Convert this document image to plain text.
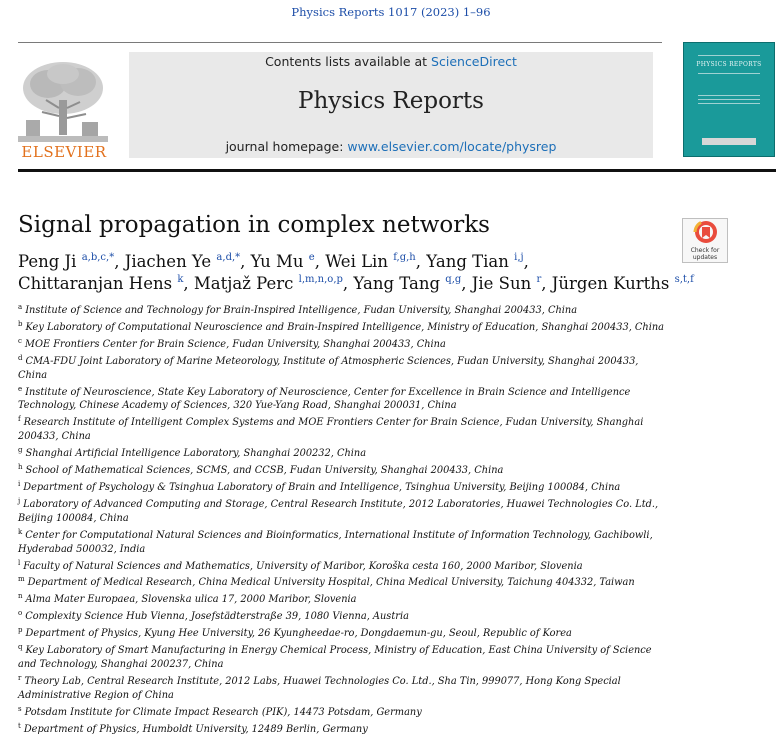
Physics Reports 1017 (2023) 1–96
ELSEVIER
Contents lists available at ScienceDirect
Physics Reports
journal homepage: www.elsevier.com/locate/physrep
PHYSICS REPORTS
Signal propagation in complex networks
Check for
updates
Peng Ji $^{a,b,c,*}$, Jiachen Ye $^{a,d,*}$, Yu Mu $^e$, Wei Lin $^{f,g,h}$, Yang Tian $^{i,j}$,
Chittaranjan Hens $^k$, Matjaž Perc $^{l,m,n,o,p}$, Yang Tang $^{q,g}$, Jie Sun $^r$, Jürgen Kurths $^{s,t,f}$

$^a$ Institute of Science and Technology for Brain-Inspired Intelligence, Fudan University, Shanghai 200433, China

$^b$ Key Laboratory of Computational Neuroscience and Brain-Inspired Intelligence, Ministry of Education, Shanghai 200433, China

$^c$ MOE Frontiers Center for Brain Science, Fudan University, Shanghai 200433, China

$^d$ CMA-FDU Joint Laboratory of Marine Meteorology, Institute of Atmospheric Sciences, Fudan University, Shanghai 200433, China

$^e$ Institute of Neuroscience, State Key Laboratory of Neuroscience, Center for Excellence in Brain Science and Intelligence Technology, Chinese Academy of Sciences, 320 Yue-Yang Road, Shanghai 200031, China

$^f$ Research Institute of Intelligent Complex Systems and MOE Frontiers Center for Brain Science, Fudan University, Shanghai 200433, China

$^g$ Shanghai Artificial Intelligence Laboratory, Shanghai 200232, China

$^h$ School of Mathematical Sciences, SCMS, and CCSB, Fudan University, Shanghai 200433, China

$^i$ Department of Psychology & Tsinghua Laboratory of Brain and Intelligence, Tsinghua University, Beijing 100084, China

$^j$ Laboratory of Advanced Computing and Storage, Central Research Institute, 2012 Laboratories, Huawei Technologies Co. Ltd., Beijing 100084, China

$^k$ Center for Computational Natural Sciences and Bioinformatics, International Institute of Information Technology, Gachibowli, Hyderabad 500032, India

$^l$ Faculty of Natural Sciences and Mathematics, University of Maribor, Koroška cesta 160, 2000 Maribor, Slovenia

$^m$ Department of Medical Research, China Medical University Hospital, China Medical University, Taichung 404332, Taiwan

$^n$ Alma Mater Europaea, Slovenska ulica 17, 2000 Maribor, Slovenia

$^o$ Complexity Science Hub Vienna, Josefstädterstraße 39, 1080 Vienna, Austria

$^p$ Department of Physics, Kyung Hee University, 26 Kyungheedae-ro, Dongdaemun-gu, Seoul, Republic of Korea

$^q$ Key Laboratory of Smart Manufacturing in Energy Chemical Process, Ministry of Education, East China University of Science and Technology, Shanghai 200237, China

$^r$ Theory Lab, Central Research Institute, 2012 Labs, Huawei Technologies Co. Ltd., Sha Tin, 999077, Hong Kong Special Administrative Region of China

$^s$ Potsdam Institute for Climate Impact Research (PIK), 14473 Potsdam, Germany

$^t$ Department of Physics, Humboldt University, 12489 Berlin, Germany
